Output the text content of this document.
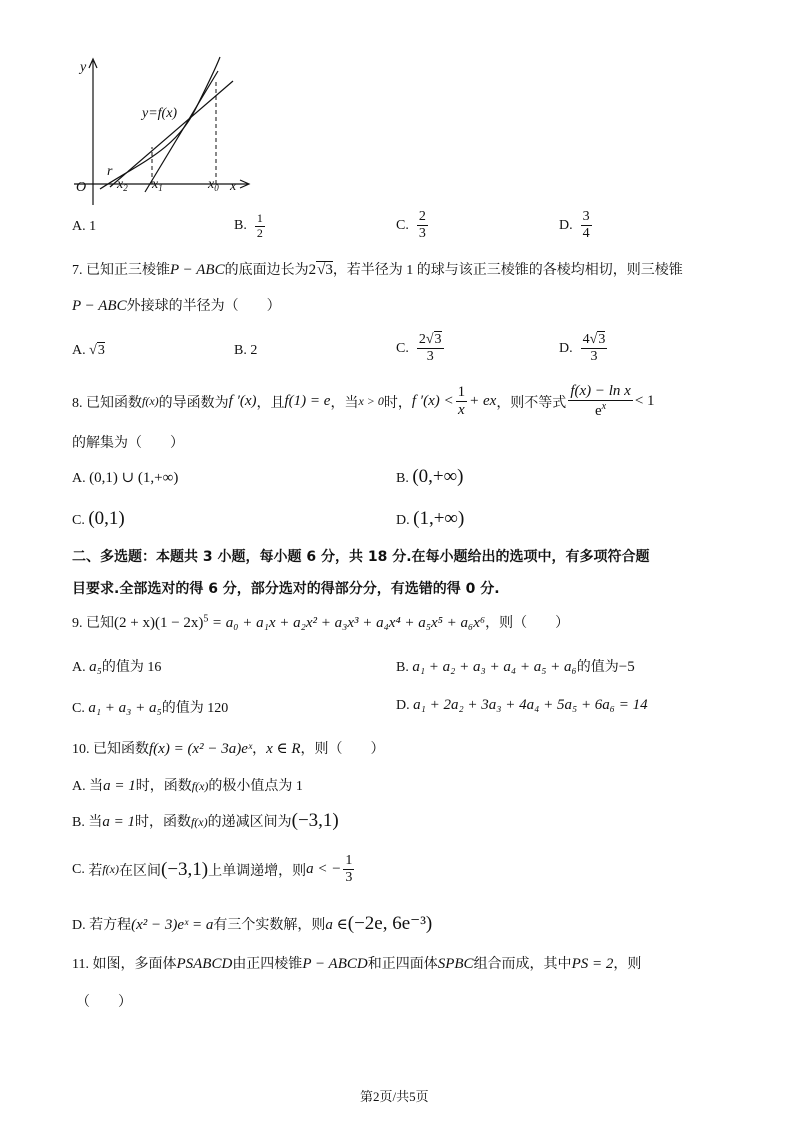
y
x
y=f(x)
r
$x_2$ $x_1$	$x_0$
O
A. 1	B. $\frac{1}{2}$	C. $\frac{2}{3}$	D. $\frac{3}{4}$
7. 已知正三棱锥P − ABC的底面边长为2√3，若半径为 1 的球与该正三棱锥的各棱均相切，则三棱锥
P − ABC外接球的半径为（　　）
A. √3	B. 2	C. $\frac{2√3}{3}$	D. $\frac{4√3}{3}$
8. 已知函数 f(x) 的导函数为 f ′(x) ，且 f(1) = e ，当 x > 0 时， f $'(x) < \frac{1}{x} + e$ x ，则不等式 $\frac{\text{f(x) − ln x}}{e^x} < 1$
的解集为（　　）
A. (0,1) ∪ (1,+∞)	B. (0,+∞)
C. (0,1)	D. (1,+∞)
二、多选题：本题共 3 小题，每小题 6 分，共 18 分.在每小题给出的选项中，有多项符合题
目要求.全部选对的得 6 分，部分选对的得部分分，有选错的得 0 分.
9. 已知$(2 + x)(1 - 2x)^5 = a_0 + a_1x + a_2x^2 + a_3x^3 + a_4x^4 + a_5x^5 + a_6x^6$，则（　　）
A. a₅的值为 16	B. a₁ + a₂ + a₃ + a₄ + a₅ + a₆的值为−5
C. a₁ + a₃ + a₅的值为 120	D. a₁ + 2a₂ + 3a₃ + 4a₄ + 5a₅ + 6a₆ = 14
10. 已知函数f(x) = (x² − 3a)eˣ，x ∈ R，则（　　）
A. 当a = 1时，函数f(x)的极小值点为 1
B. 当a = 1时，函数f(x)的递减区间为(−3,1)
C.
若 f(x) 在区间 (−3,1) 上单调递增，则 a < − $\frac{1}{3}$
D. 若方程(x² − 3)eˣ = a有三个实数解，则a ∈(−2e, 6e⁻³)
11. 如图，多面体PSABCD由正四棱锥P − ABCD和正四面体SPBC组合而成，其中PS = 2，则
（　　）
第2页/共5页
